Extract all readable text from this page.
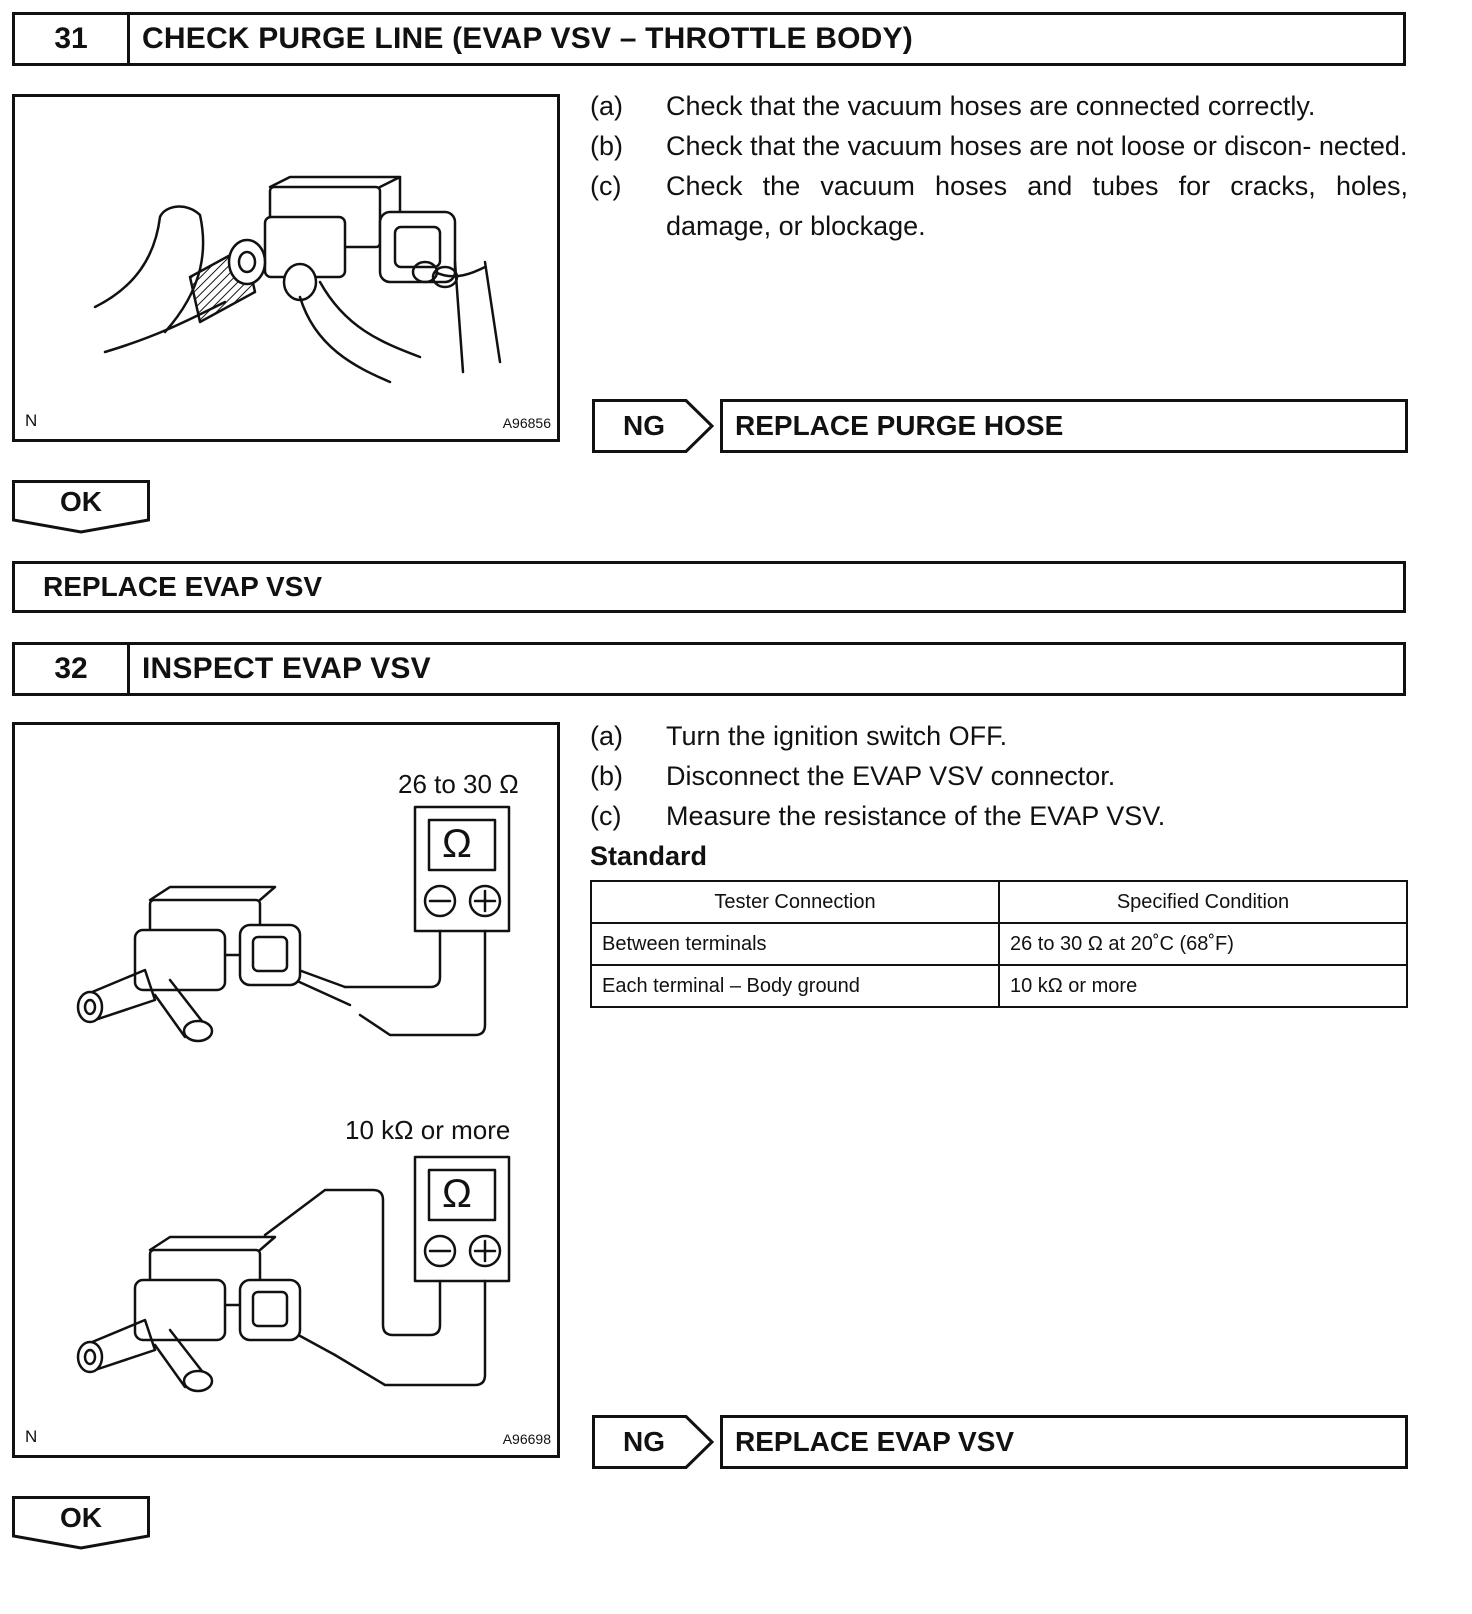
31	CHECK PURGE LINE (EVAP VSV – THROTTLE BODY)
N	A96856
(a)	Check that the vacuum hoses are connected correctly.
(b)	Check that the vacuum hoses are not loose or discon- nected.
(c)	Check the vacuum hoses and tubes for cracks, holes, damage, or blockage.
NG	REPLACE PURGE HOSE
OK
REPLACE EVAP VSV
32	INSPECT EVAP VSV
26 to 30 Ω
Ω
10 kΩ or more
Ω
N	A96698
(a)	Turn the ignition switch OFF.
(b)	Disconnect the EVAP VSV connector.
(c)	Measure the resistance of the EVAP VSV.
Standard
Tester Connection	Specified Condition
Between terminals	26 to 30 Ω at 20˚C (68˚F)
Each terminal – Body ground	10 kΩ or more
NG	REPLACE EVAP VSV
OK
